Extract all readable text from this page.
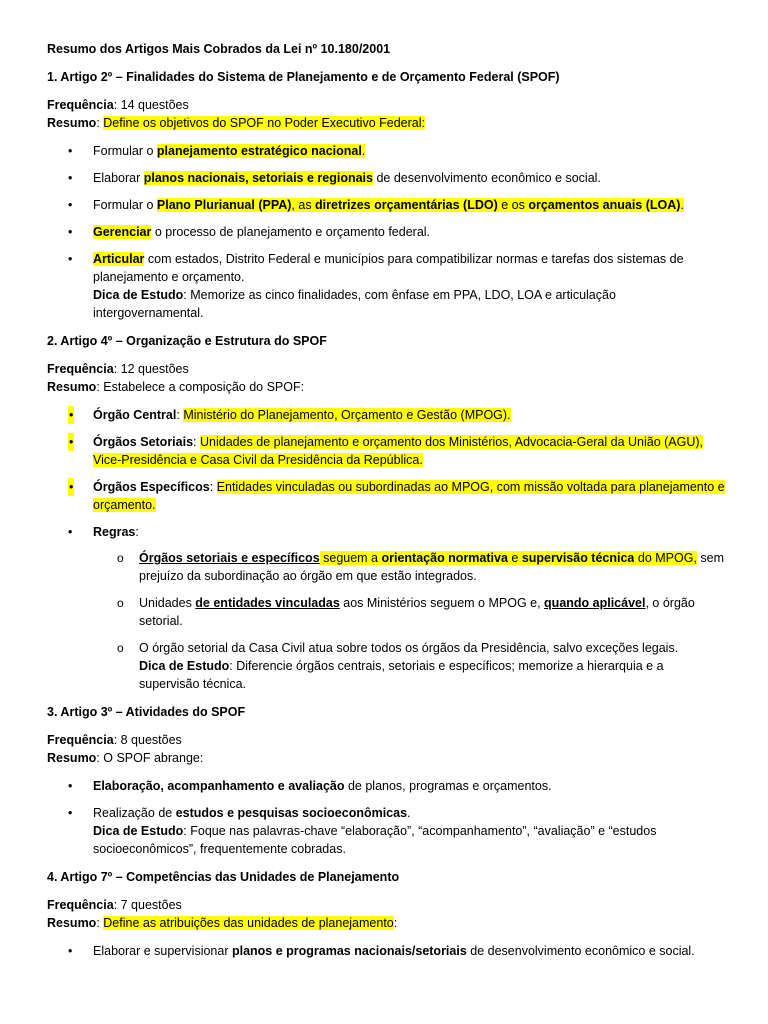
Resumo dos Artigos Mais Cobrados da Lei nº 10.180/2001
1. Artigo 2º – Finalidades do Sistema de Planejamento e de Orçamento Federal (SPOF)
Frequência: 14 questões
Resumo: Define os objetivos do SPOF no Poder Executivo Federal:
• Formular o planejamento estratégico nacional.
• Elaborar planos nacionais, setoriais e regionais de desenvolvimento econômico e social.
• Formular o Plano Plurianual (PPA), as diretrizes orçamentárias (LDO) e os orçamentos anuais (LOA).
• Gerenciar o processo de planejamento e orçamento federal.
• Articular com estados, Distrito Federal e municípios para compatibilizar normas e tarefas dos sistemas de planejamento e orçamento.
Dica de Estudo: Memorize as cinco finalidades, com ênfase em PPA, LDO, LOA e articulação intergovernamental.
2. Artigo 4º – Organização e Estrutura do SPOF
Frequência: 12 questões
Resumo: Estabelece a composição do SPOF:
• Órgão Central: Ministério do Planejamento, Orçamento e Gestão (MPOG).
• Órgãos Setoriais: Unidades de planejamento e orçamento dos Ministérios, Advocacia-Geral da União (AGU), Vice-Presidência e Casa Civil da Presidência da República.
• Órgãos Específicos: Entidades vinculadas ou subordinadas ao MPOG, com missão voltada para planejamento e orçamento.
• Regras:
o Órgãos setoriais e específicos seguem a orientação normativa e supervisão técnica do MPOG, sem prejuízo da subordinação ao órgão em que estão integrados.
o Unidades de entidades vinculadas aos Ministérios seguem o MPOG e, quando aplicável, o órgão setorial.
o O órgão setorial da Casa Civil atua sobre todos os órgãos da Presidência, salvo exceções legais.
Dica de Estudo: Diferencie órgãos centrais, setoriais e específicos; memorize a hierarquia e a supervisão técnica.
3. Artigo 3º – Atividades do SPOF
Frequência: 8 questões
Resumo: O SPOF abrange:
• Elaboração, acompanhamento e avaliação de planos, programas e orçamentos.
• Realização de estudos e pesquisas socioeconômicas.
Dica de Estudo: Foque nas palavras-chave “elaboração”, “acompanhamento”, “avaliação” e “estudos socioeconômicos”, frequentemente cobradas.
4. Artigo 7º – Competências das Unidades de Planejamento
Frequência: 7 questões
Resumo: Define as atribuições das unidades de planejamento:
• Elaborar e supervisionar planos e programas nacionais/setoriais de desenvolvimento econômico e social.
